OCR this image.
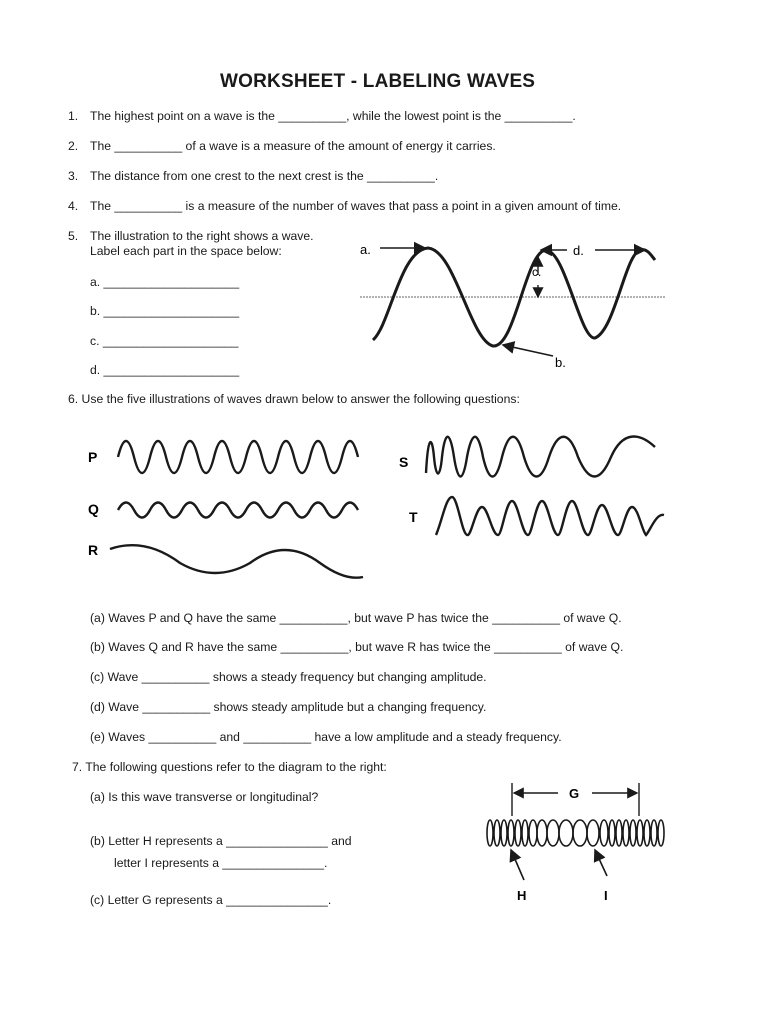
WORKSHEET - LABELING WAVES
1. The highest point on a wave is the __________, while the lowest point is the __________.
2. The __________ of a wave is a measure of the amount of energy it carries.
3. The distance from one crest to the next crest is the __________.
4. The __________ is a measure of the number of waves that pass a point in a given amount of time.
5. The illustration to the right shows a wave.
Label each part in the space below:
a. ____________________
b. ____________________
c. ____________________
d. ____________________
a.	d.
c.
b.
6. Use the five illustrations of waves drawn below to answer the following questions:
P
Q
R
S
T
(a) Waves P and Q have the same __________, but wave P has twice the __________ of wave Q.
(b) Waves Q and R have the same __________, but wave R has twice the __________ of wave Q.
(c) Wave __________ shows a steady frequency but changing amplitude.
(d) Wave __________ shows steady amplitude but a changing frequency.
(e) Waves __________ and __________ have a low amplitude and a steady frequency.
7. The following questions refer to the diagram to the right:
(a) Is this wave transverse or longitudinal?
(b) Letter H represents a _______________ and
letter I represents a _______________.
(c) Letter G represents a _______________.
G
H	I
